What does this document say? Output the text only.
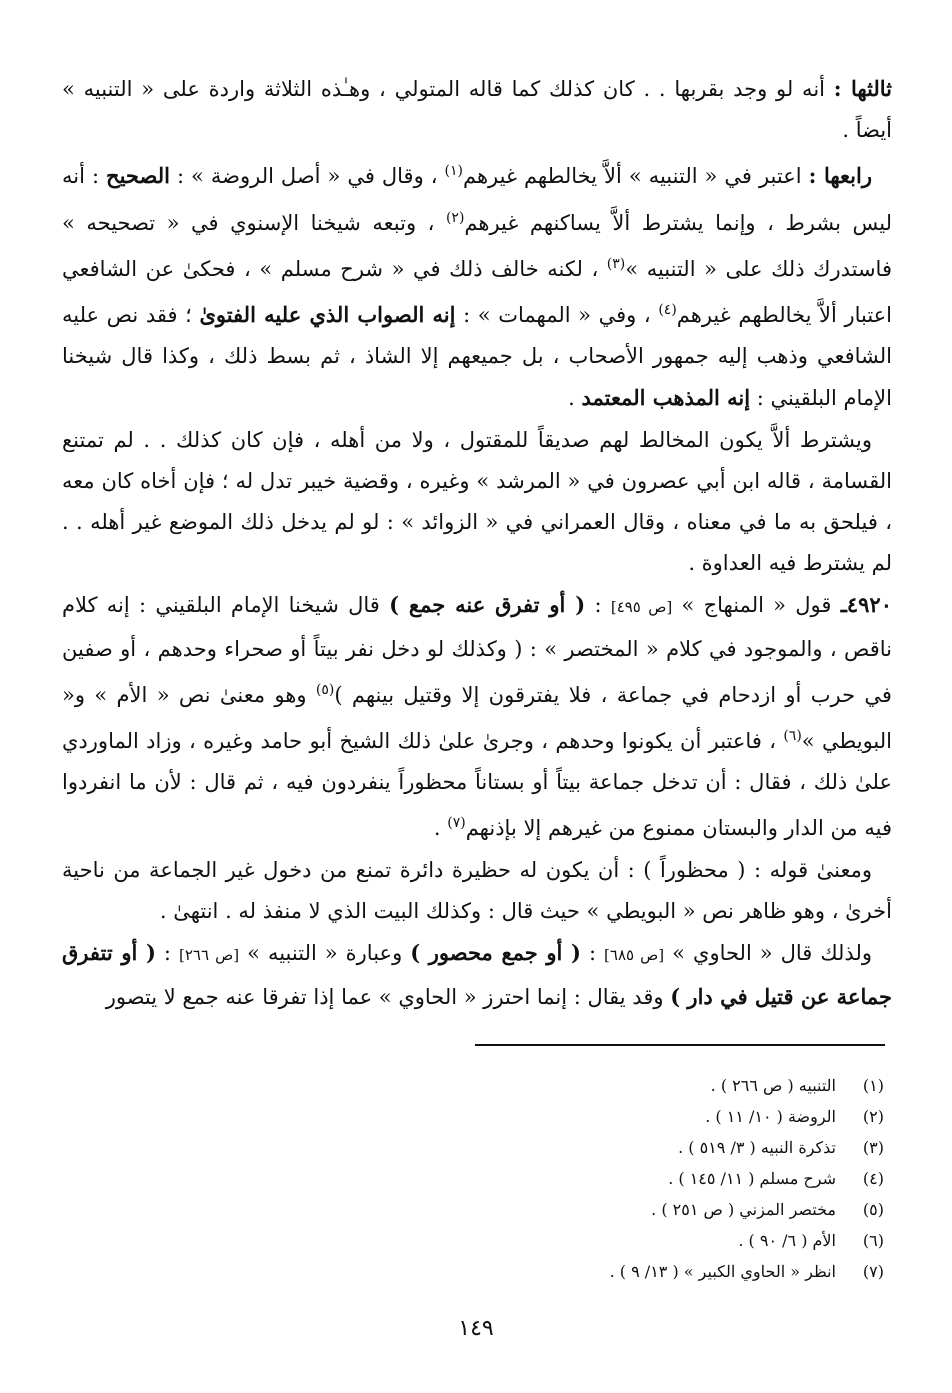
ثالثها : أنه لو وجد بقربها . . كان كذلك كما قاله المتولي ، وهـٰذه الثلاثة واردة على « التنبيه » أيضاً .

رابعها : اعتبر في « التنبيه » ألاَّ يخالطهم غيرهم$^{(١)}$ ، وقال في « أصل الروضة » : الصحيح : أنه ليس بشرط ، وإنما يشترط ألاَّ يساكنهم غيرهم$^{(٢)}$ ، وتبعه شيخنا الإسنوي في « تصحيحه » فاستدرك ذلك على « التنبيه »$^{(٣)}$ ، لكنه خالف ذلك في « شرح مسلم » ، فحكىٰ عن الشافعي اعتبار ألاَّ يخالطهم غيرهم$^{(٤)}$ ، وفي « المهمات » : إنه الصواب الذي عليه الفتوىٰ ؛ فقد نص عليه الشافعي وذهب إليه جمهور الأصحاب ، بل جميعهم إلا الشاذ ، ثم بسط ذلك ، وكذا قال شيخنا الإمام البلقيني : إنه المذهب المعتمد .

ويشترط ألاَّ يكون المخالط لهم صديقاً للمقتول ، ولا من أهله ، فإن كان كذلك . . لم تمتنع القسامة ، قاله ابن أبي عصرون في « المرشد » وغيره ، وقضية خيبر تدل له ؛ فإن أخاه كان معه ، فيلحق به ما في معناه ، وقال العمراني في « الزوائد » : لو لم يدخل ذلك الموضع غير أهله . . لم يشترط فيه العداوة .

٤٩٢٠ـ قول « المنهاج » [ص ٤٩٥] : ( أو تفرق عنه جمع ) قال شيخنا الإمام البلقيني : إنه كلام ناقص ، والموجود في كلام « المختصر » : ( وكذلك لو دخل نفر بيتاً أو صحراء وحدهم ، أو صفين في حرب أو ازدحام في جماعة ، فلا يفترقون إلا وقتيل بينهم )$^{(٥)}$ وهو معنىٰ نص « الأم » و« البويطي »$^{(٦)}$ ، فاعتبر أن يكونوا وحدهم ، وجرىٰ علىٰ ذلك الشيخ أبو حامد وغيره ، وزاد الماوردي علىٰ ذلك ، فقال : أن تدخل جماعة بيتاً أو بستاناً محظوراً ينفردون فيه ، ثم قال : لأن ما انفردوا فيه من الدار والبستان ممنوع من غيرهم إلا بإذنهم$^{(٧)}$ .

ومعنىٰ قوله : ( محظوراً ) : أن يكون له حظيرة دائرة تمنع من دخول غير الجماعة من ناحية أخرىٰ ، وهو ظاهر نص « البويطي » حيث قال : وكذلك البيت الذي لا منفذ له . انتهىٰ .

ولذلك قال « الحاوي » [ص ٦٨٥] : ( أو جمع محصور ) وعبارة « التنبيه » [ص ٢٦٦] : ( أو تتفرق جماعة عن قتيل في دار ) وقد يقال : إنما احترز « الحاوي » عما إذا تفرقا عنه جمع لا يتصور

(١)
التنبيه ( ص ٢٦٦ ) .
(٢)
الروضة ( ١٠/ ١١ ) .
(٣)
تذكرة النبيه ( ٣/ ٥١٩ ) .
(٤)
شرح مسلم ( ١١/ ١٤٥ ) .
(٥)
مختصر المزني ( ص ٢٥١ ) .
(٦)
الأم ( ٦/ ٩٠ ) .
(٧)
انظر « الحاوي الكبير » ( ١٣/ ٩ ) .
١٤٩
